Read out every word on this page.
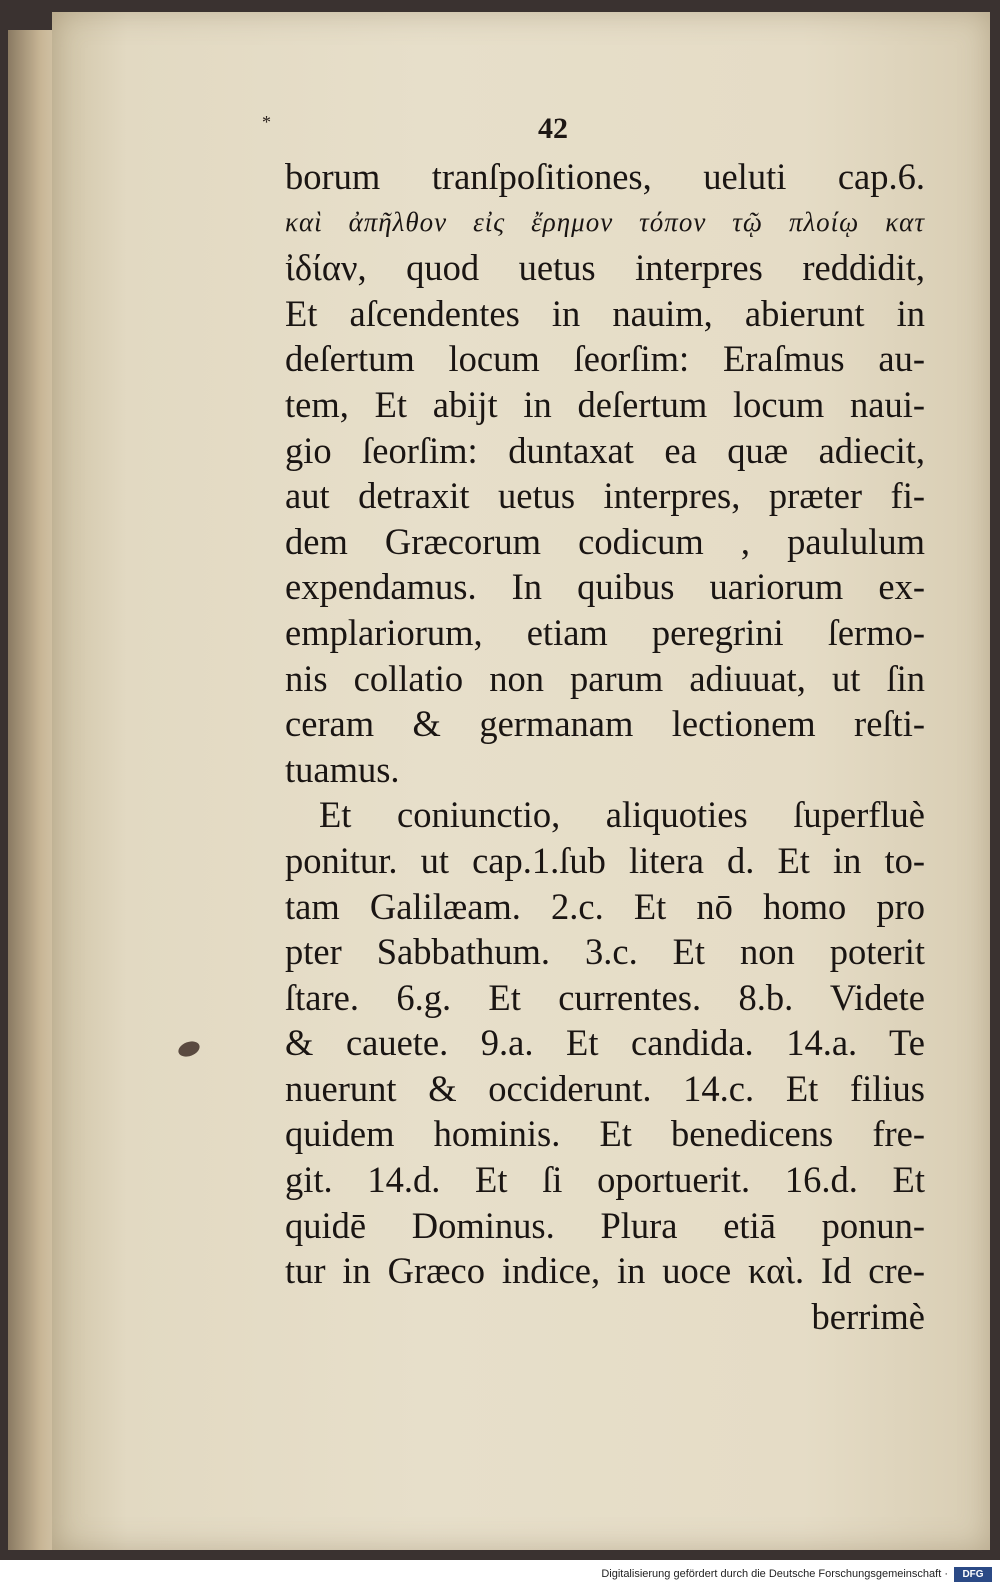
*	42
borum tranſpoſitiones, ueluti cap.6.
καὶ ἀπῆλθον εἰς ἔρημον τόπον τῷ πλοίῳ κατ
ἰδίαν, quod uetus interpres reddidit,
Et aſcendentes in nauim, abierunt in
deſertum locum ſeorſim: Eraſmus au-
tem, Et abijt in deſertum locum naui-
gio ſeorſim: duntaxat ea quæ adiecit,
aut detraxit uetus interpres, præter fi-
dem Græcorum codicum , paululum
expendamus. In quibus uariorum ex-
emplariorum, etiam peregrini ſermo-
nis collatio non parum adiuuat, ut ſin
ceram & germanam lectionem reſti-
tuamus.
Et coniunctio, aliquoties ſuperfluè
ponitur. ut cap.1.ſub litera d. Et in to-
tam Galilæam. 2.c. Et nō homo pro
pter Sabbathum. 3.c. Et non poterit
ſtare. 6.g. Et currentes. 8.b. Videte
& cauete. 9.a. Et candida. 14.a. Te
nuerunt & occiderunt. 14.c. Et filius
quidem hominis. Et benedicens fre-
git. 14.d. Et ſi oportuerit. 16.d. Et
quidē Dominus. Plura etiā ponun-
tur in Græco indice, in uoce καὶ. Id cre-
berrimè
Digitalisierung gefördert durch die Deutsche Forschungsgemeinschaft ·	DFG
